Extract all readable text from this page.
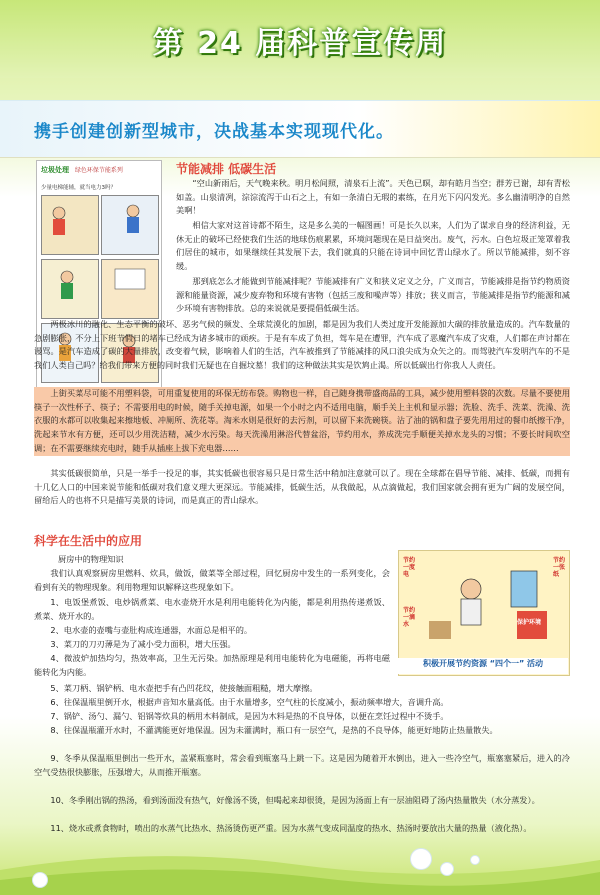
第 24 届科普宣传周
携手创建创新型城市，决战基本实现现代化。
垃圾处理 绿色环保节能系列
少量电梯能辅，就当电力3吗？
节能减排 低碳生活

“空山新雨后，天气晚来秋。明月松间照，清泉石上流”。天色已暝，却有皓月当空；群芳已谢，却有青松如盖。山泉清冽，淙淙流泻于山石之上，有如一条清白无瑕的素练，在月光下闪闪发光。多么幽清明净的自然美啊！

相信大家对这首诗都不陌生，这是多么美的一幅图画！可是长久以来，人们为了谋求自身的经济利益，无休无止的破坏已经使我们生活的地球伤痕累累，环境问题现在是日益突出。废气，污水。白色垃圾正笼罩着我们居住的城市，如果继续任其发展下去，我们就真的只能在诗词中回忆青山绿水了。所以节能减排，刻不容缓。

那到底怎么才能做到节能减排呢？节能减排有广义和狭义定义之分，广义而言，节能减排是指节约物质资源和能量资源，减少废弃物和环境有害物（包括三废和噪声等）排放；狭义而言，节能减排是指节约能源和减少环境有害物排放。总的来说就是要提倡低碳生活。

两极冰川的融化、生态平衡的破坏、恶劣气候的频发、全球荒漠化的加剧，都是因为我们人类过度开发能源加大碳的排放量造成的。汽车数量的急剧膨胀，不分上下班节假日的堵车已经成为诸多城市的顽疾。于是有车成了负担，驾车是在遭罪，汽车成了恶魔汽车成了灾难，人们都在声讨都在谩骂。是汽车造成了碳的大量排放，改变着气候，影响着人们的生活，汽车被推到了节能减排的风口浪尖成为众矢之的。而驾驶汽车发明汽车的不是我们人类自己吗？给我们带来方便的同时我们无疑也在自掘坟墓！我们的这种做法其实是饮鸩止渴。所以低碳出行你我人人责任。

上街买菜尽可能不用塑料袋，可用重复使用的环保无纺布袋。购物也一样，自己随身携带盛商品的工具，减少使用塑料袋的次数。尽量不要使用筷子一次性杯子、筷子；不需要用电的时候，随手关掉电源，如果一个小时之内不适用电脑，顺手关上主机和显示器；洗脸、洗手、洗菜、洗澡、洗衣服的水都可以收集起来擦地板、冲厕所、洗花等。淘米水则是很好的去污剂，可以留下来洗碗筷。沾了油的锅和盘子要先用用过的餐巾纸擦干净，洗起来节水有方便，还可以少用洗洁精，减少水污染。每天洗澡用淋浴代替盆浴，节约用水，养成洗完手顺便关掉水龙头的习惯；不要长时间吹空调；在不需要继续充电时，随手从插座上拔下充电器……

其实低碳很简单，只是一举手一投足的事，其实低碳也很容易只是日常生活中稍加注意就可以了。现在全球都在倡导节能、减排、低碳，而拥有十几亿人口的中国来说节能和低碳对我们意义理大更深远。节能减排，低碳生活，从我做起，从点滴做起，我们国家就会拥有更为广阔的发展空间，留给后人的也将不只是描写美景的诗词，而是真正的青山绿水。

科学在生活中的应用
厨房中的物理知识

我们认真观察厨房里燃料、炊具，做饭，做菜等全部过程，回忆厨房中发生的一系列变化，会看到有关的物理现象。利用物理知识解释这些现象如下。

1、电饭堡煮饭、电炒锅煮菜、电水壶烧开水是利用电能转化为内能，都是利用热传递煮饭、煮菜、烧开水的。

2、电水壶的壶嘴与壶肚构成连通器，水面总是相平的。

3、菜刀的刀刃薄是为了减小受力面积，增大压强。

4、微波炉加热均匀，热效率高，卫生无污染。加热原理是利用电能转化为电磁能，再将电磁能转化为内能。

5、菜刀柄、锅铲柄、电水壶把手有凸凹花纹，使接触面粗糙，增大摩擦。

6、往保温瓶里倒开水，根据声音知水量高低。由于水量增多，空气柱的长度减小，振动频率增大，音调升高。

7、锅铲、汤勺、漏勺、铝锅等炊具的柄用木料制成，是因为木料是热的不良导体，以便在烹饪过程中不烫手。

8、往保温瓶灌开水时，不灌满能更好地保温。因为未灌满时，瓶口有一层空气，是热的不良导体，能更好地防止热量散失。

9、冬季从保温瓶里倒出一些开水，盖紧瓶塞时，常会看到瓶塞马上跳一下。这是因为随着开水倒出，进入一些冷空气，瓶塞塞紧后，进入的冷空气受热很快膨胀，压强增大，从而推开瓶塞。

10、冬季刚出锅的热汤，看到汤面没有热气，好像汤不烫，但喝起来却很烫，是因为汤面上有一层油阻碍了汤内热量散失（水分蒸发）。

11、烧水或煮食物时，喷出的水蒸气比热水、热汤烫伤更严重。因为水蒸气变成同温度的热水、热汤时要放出大量的热量（液化热）。

节约一度电
节约一滴水	保护环境
节约一张纸
积极开展节约资源 “四个一” 活动
